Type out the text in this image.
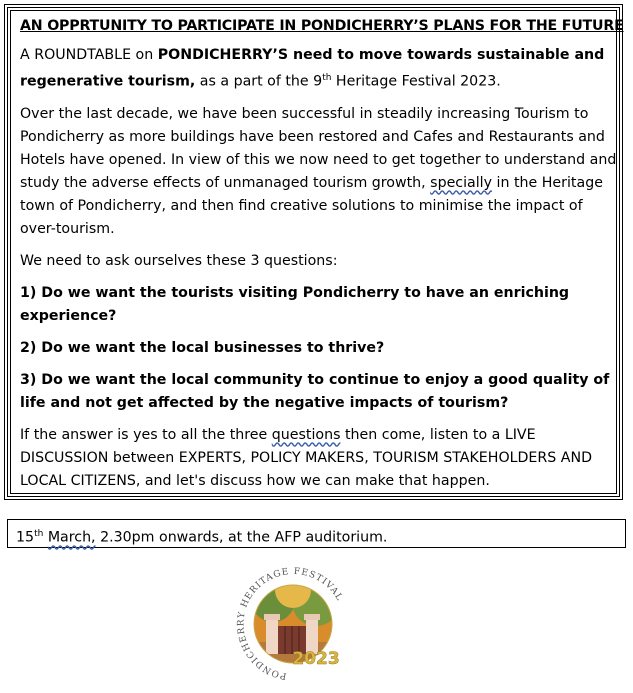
AN OPPRTUNITY TO PARTICIPATE IN PONDICHERRY’S PLANS FOR THE FUTURE

A ROUNDTABLE on PONDICHERRY’S need to move towards sustainable and regenerative tourism, as a part of the 9th Heritage Festival 2023.

Over the last decade, we have been successful in steadily increasing Tourism to Pondicherry as more buildings have been restored and Cafes and Restaurants and Hotels have opened. In view of this we now need to get together to understand and study the adverse effects of unmanaged tourism growth, specially in the Heritage town of Pondicherry, and then find creative solutions to minimise the impact of over-tourism.

We need to ask ourselves these 3 questions:

1) Do we want the tourists visiting Pondicherry to have an enriching experience?

2) Do we want the local businesses to thrive?

3) Do we want the local community to continue to enjoy a good quality of life and not get affected by the negative impacts of tourism?

If the answer is yes to all the three questions then come, listen to a LIVE DISCUSSION between EXPERTS, POLICY MAKERS, TOURISM STAKEHOLDERS AND LOCAL CITIZENS, and let's discuss how we can make that happen.

15th March, 2.30pm onwards, at the AFP auditorium.
PONDICHERRY HERITAGE FESTIVAL
2023
